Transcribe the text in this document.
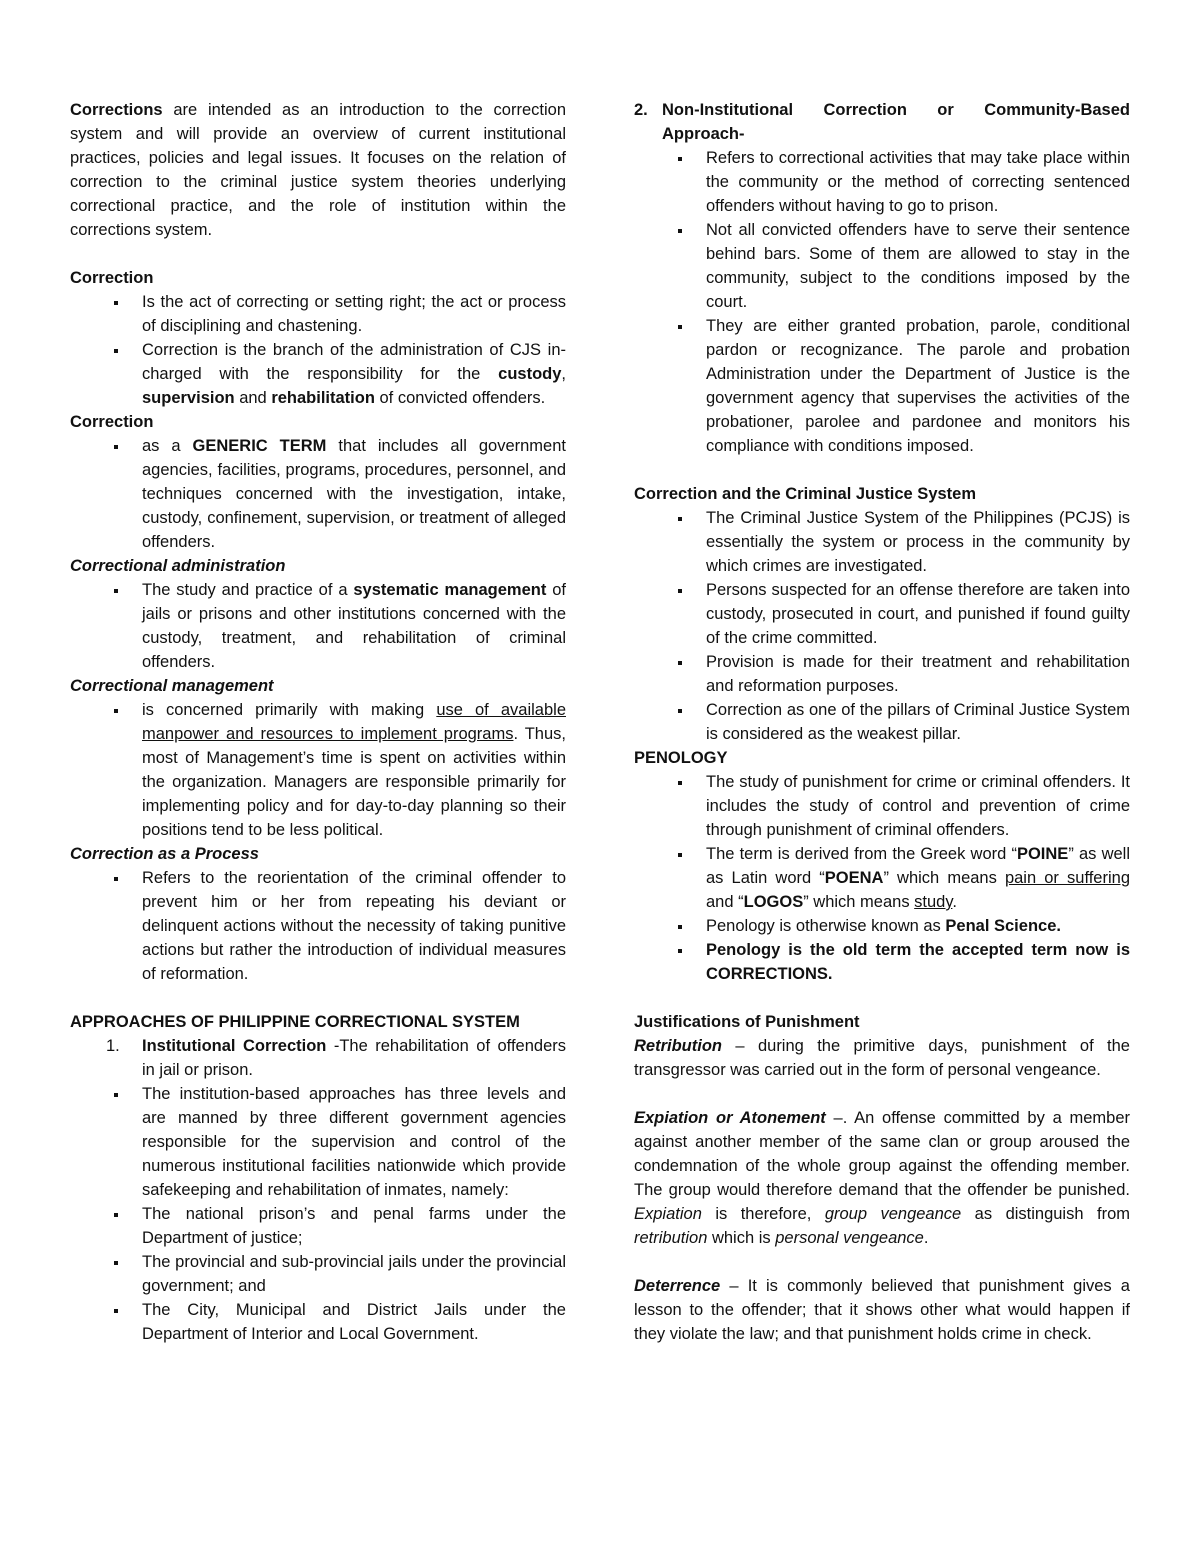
Corrections are intended as an introduction to the correction system and will provide an overview of current institutional practices, policies and legal issues. It focuses on the relation of correction to the criminal justice system theories underlying correctional practice, and the role of institution within the corrections system.

Correction
Is the act of correcting or setting right; the act or process of disciplining and chastening.
Correction is the branch of the administration of CJS in-charged with the responsibility for the custody, supervision and rehabilitation of convicted offenders.
Correction
as a GENERIC TERM that includes all government agencies, facilities, programs, procedures, personnel, and techniques concerned with the investigation, intake, custody, confinement, supervision, or treatment of alleged offenders.
Correctional administration
The study and practice of a systematic management of jails or prisons and other institutions concerned with the custody, treatment, and rehabilitation of criminal offenders.
Correctional management
is concerned primarily with making use of available manpower and resources to implement programs. Thus, most of Management’s time is spent on activities within the organization. Managers are responsible primarily for implementing policy and for day-to-day planning so their positions tend to be less political.
Correction as a Process
Refers to the reorientation of the criminal offender to prevent him or her from repeating his deviant or delinquent actions without the necessity of taking punitive actions but rather the introduction of individual measures of reformation.
APPROACHES OF PHILIPPINE CORRECTIONAL SYSTEM
1. Institutional Correction -The rehabilitation of offenders in jail or prison.
The institution-based approaches has three levels and are manned by three different government agencies responsible for the supervision and control of the numerous institutional facilities nationwide which provide safekeeping and rehabilitation of inmates, namely:
The national prison’s and penal farms under the Department of justice;
The provincial and sub-provincial jails under the provincial government; and
The City, Municipal and District Jails under the Department of Interior and Local Government.
2. Non-Institutional Correction or Community-Based Approach-
Refers to correctional activities that may take place within the community or the method of correcting sentenced offenders without having to go to prison.
Not all convicted offenders have to serve their sentence behind bars. Some of them are allowed to stay in the community, subject to the conditions imposed by the court.
They are either granted probation, parole, conditional pardon or recognizance. The parole and probation Administration under the Department of Justice is the government agency that supervises the activities of the probationer, parolee and pardonee and monitors his compliance with conditions imposed.
Correction and the Criminal Justice System
The Criminal Justice System of the Philippines (PCJS) is essentially the system or process in the community by which crimes are investigated.
Persons suspected for an offense therefore are taken into custody, prosecuted in court, and punished if found guilty of the crime committed.
Provision is made for their treatment and rehabilitation and reformation purposes.
Correction as one of the pillars of Criminal Justice System is considered as the weakest pillar.
PENOLOGY
The study of punishment for crime or criminal offenders. It includes the study of control and prevention of crime through punishment of criminal offenders.
The term is derived from the Greek word “POINE” as well as Latin word “POENA” which means pain or suffering and “LOGOS” which means study.
Penology is otherwise known as Penal Science.
Penology is the old term the accepted term now is CORRECTIONS.
Justifications of Punishment

Retribution – during the primitive days, punishment of the transgressor was carried out in the form of personal vengeance.

Expiation or Atonement –. An offense committed by a member against another member of the same clan or group aroused the condemnation of the whole group against the offending member. The group would therefore demand that the offender be punished. Expiation is therefore, group vengeance as distinguish from retribution which is personal vengeance.

Deterrence – It is commonly believed that punishment gives a lesson to the offender; that it shows other what would happen if they violate the law; and that punishment holds crime in check.
